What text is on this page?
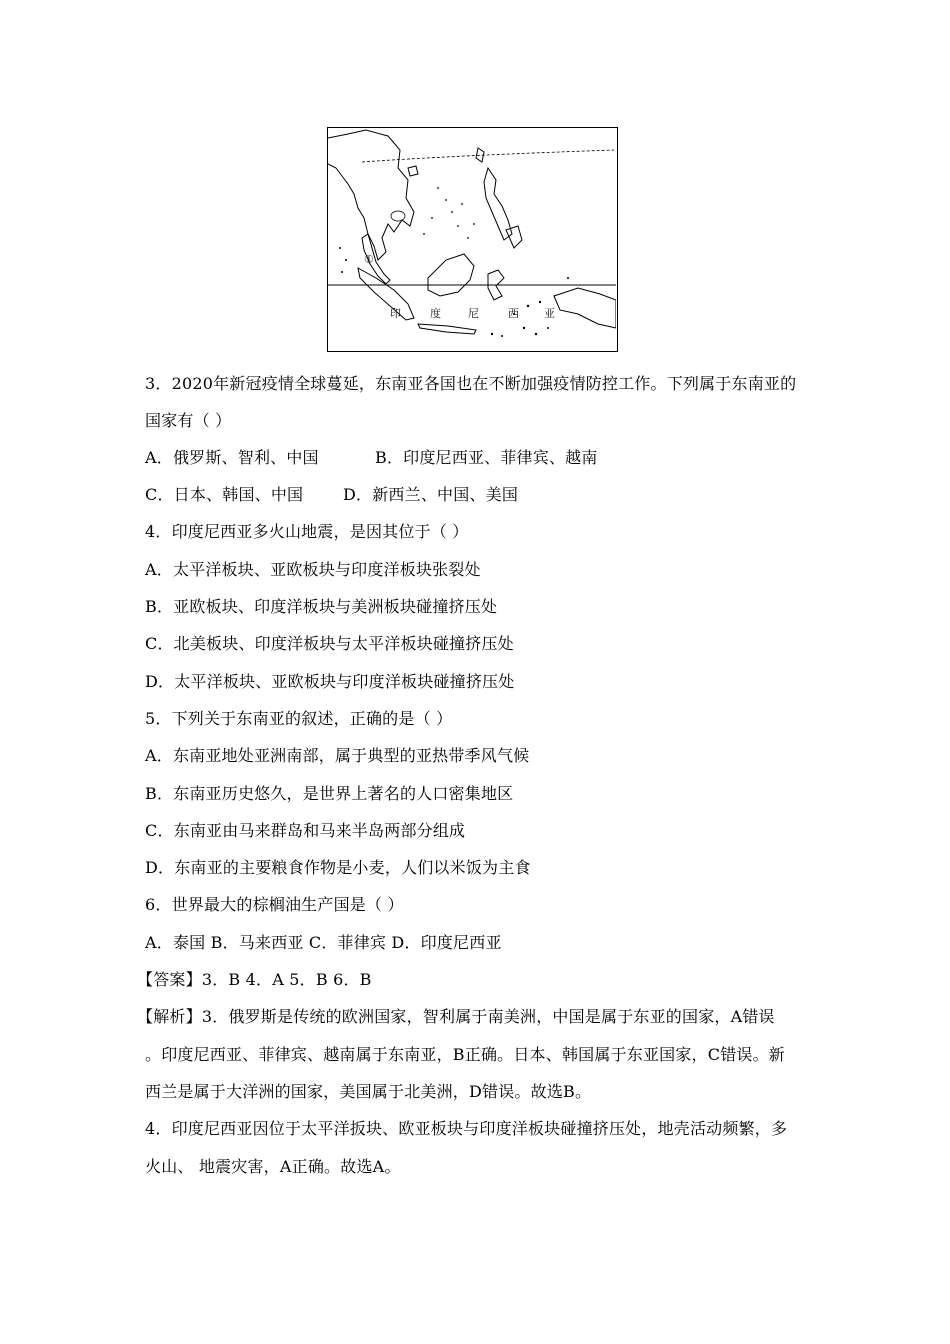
①
印	度 尼	西 亚
3．2020年新冠疫情全球蔓延，东南亚各国也在不断加强疫情防控工作。下列属于东南亚的
国家有（ ）
A．俄罗斯、智利、中国	B．印度尼西亚、菲律宾、越南
C．日本、韩国、中国 D．新西兰、中国、美国
4．印度尼西亚多火山地震，是因其位于（ ）
A．太平洋板块、亚欧板块与印度洋板块张裂处
B．亚欧板块、印度洋板块与美洲板块碰撞挤压处
C．北美板块、印度洋板块与太平洋板块碰撞挤压处
D．太平洋板块、亚欧板块与印度洋板块碰撞挤压处
5．下列关于东南亚的叙述，正确的是（ ）
A．东南亚地处亚洲南部，属于典型的亚热带季风气候
B．东南亚历史悠久，是世界上著名的人口密集地区
C．东南亚由马来群岛和马来半岛两部分组成
D．东南亚的主要粮食作物是小麦，人们以米饭为主食
6．世界最大的棕榈油生产国是（ ）
A．泰国 B．马来西亚 C．菲律宾 D．印度尼西亚
【答案】3．B 4．A 5．B 6．B
【解析】3．俄罗斯是传统的欧洲国家，智利属于南美洲，中国是属于东亚的国家，A错误
。印度尼西亚、菲律宾、越南属于东南亚，B正确。日本、韩国属于东亚国家，C错误。新
西兰是属于大洋洲的国家，美国属于北美洲，D错误。故选B。
4．印度尼西亚因位于太平洋扳块、欧亚板块与印度洋板块碰撞挤压处，地壳活动频繁，多
火山、 地震灾害，A正确。故选A。
